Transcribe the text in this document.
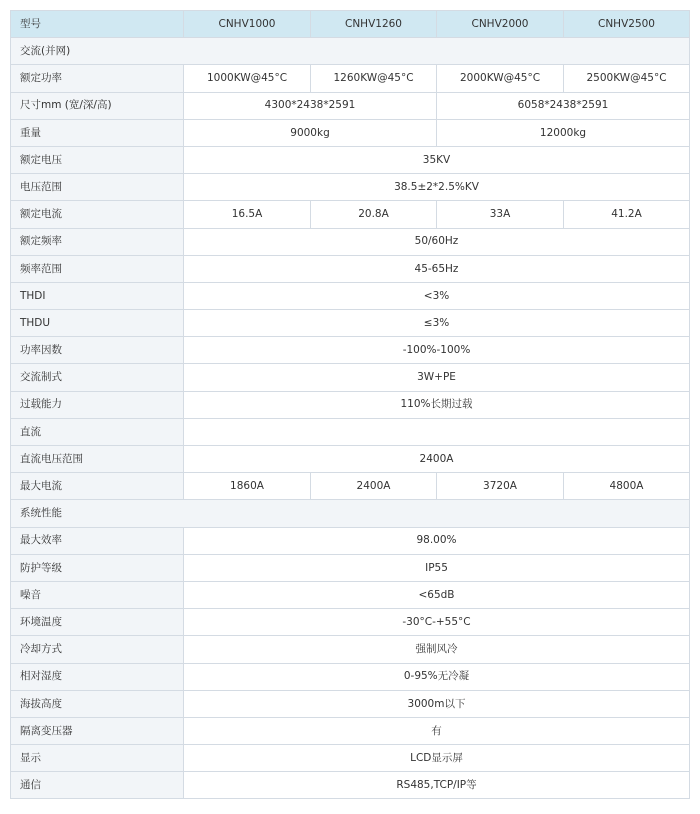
型号	CNHV1000	CNHV1260	CNHV2000	CNHV2500
交流(并网)				
额定功率	1000KW@45°C	1260KW@45°C	2000KW@45°C	2500KW@45°C
尺寸mm (宽/深/高)	4300*2438*2591		6058*2438*2591	
重量	9000kg		12000kg	
额定电压	35KV			
电压范围	38.5±2*2.5%KV			
额定电流	16.5A	20.8A	33A	41.2A
额定频率	50/60Hz			
频率范围	45-65Hz			
THDI	<3%			
THDU	≤3%			
功率因数	-100%-100%			
交流制式	3W+PE			
过载能力	110%长期过载			
直流				
直流电压范围	2400A			
最大电流	1860A	2400A	3720A	4800A
系统性能				
最大效率	98.00%			
防护等级	IP55			
噪音	<65dB			
环境温度	-30°C-+55°C			
冷却方式	强制风冷			
相对湿度	0-95%无冷凝			
海拔高度	3000m以下			
隔离变压器	有			
显示	LCD显示屏			
通信	RS485,TCP/IP等			
